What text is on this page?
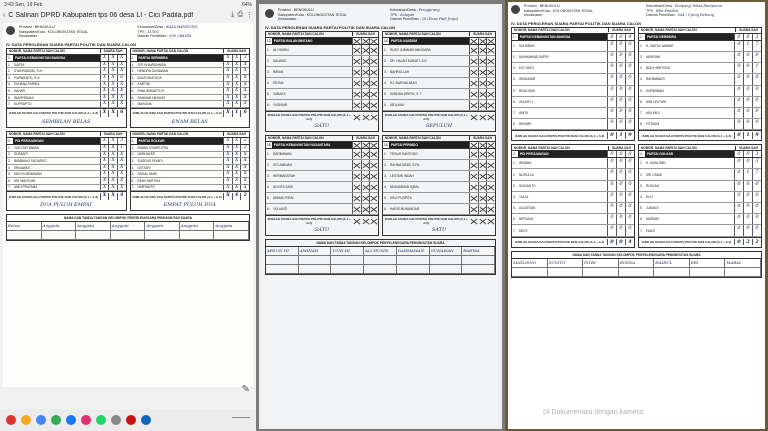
3:43 Sen, 19 Feb	64%
‹ C Salinan DPRD Kabupaten tps 06 desa LI - Cici Padila.pdf	⤓ ⎙ ⋮
Provinsi : BENGKULU	Kelurahan/Desa : KAYA BANDUNG
Kabupaten/Kota : KOLONGKOTAN TEGAL	TPS : LUNG
Kecamatan :	Daerah Pemilihan : 006 / BANM
IV. DATA PEROLEHAN SUARA PARTAI POLITIK DAN SUARA CALON
NOMOR, NAMA PARTAI DAN CALON	SUARA SAH
1.	PARTAI KEBANGKITAN BANGSA	X	X	X
1.	SARTA	X	X	X
2.	SYAHRUDDIN, S.H.	X	X	X
3.	PURWANTO, S.H.	X	X	6
4.	ZUHANA FARIDA	X	X	X
5.	KAHAR	X	X	X
6.	INARPRIANA	X	X	X
7.	SUPRAPTO	X	X	X
JUMLAH SUARA SAH PARTAI POLITIK DAN CALON (A.1 + A.2) X	X	6
SEMBILAN BELAS
NOMOR, NAMA PARTAI DAN CALON	SUARA SAH
2.	PARTAI GERINDRA	X	X	3
1.	SITI KHAIRUNNISA	X	X	X
2.	HENDRA GUNAWAN	X	X	X
3.	AGUS MUCHLIS	X	X	X
4.	KARTINI	X	X	X
5.	RINA WIDIASTUTI	X	X	X
6.	RAHMAN HIDAYAT	X	X	X
7.	MARLINA	X	X	X
JUMLAH SUARA SAH PARTAI POLITIK DAN CALON (A.1 + A.2) X	1	6
ENAM BELAS
NOMOR, NAMA PARTAI DAN CALON	SUARA SAH
3.	PDI PERJUANGAN	X	X	3
1.	YUDI SETIAWAN	X	X	1
2.	SUSANTI	X	X	X
3.	BAMBANG SUDARSO	X	X	X
4.	ERNAWATI	X	X	X
5.	DEDI KURNIAWAN	X	X	X
6.	SRI WAHYUNI	X	X	X
7.	ANDI PRATAMA	X	X	X
JUMLAH SUARA SAH PARTAI POLITIK DAN CALON (A.1 + A.2) X	X	4
DUA PULUH EMPAT
NOMOR, NAMA PARTAI DAN CALON	SUARA SAH
4.	PARTAI GOLKAR	X	X	3
1.	IRWAN SYAHPUTRA	X	X	2
2.	NURHAYATI	X	X	X
3.	SUGENG RIYADI	X	X	X
4.	LESTARI	X	X	X
5.	FAISAL AMRI	X	X	X
6.	DEWI SARTIKA	X	X	X
7.	HARYANTO	X	X	X
JUMLAH SUARA SAH PARTAI POLITIK DAN CALON (A.1 + A.2) X	4	2
EMPAT PULUH DUA
NAMA DAN TANDA TANGAN KELOMPOK PENYELENGGARA PEMUNGUTAN SUARA
Ketua	Anggota	Anggota	Anggota	Anggota	Anggota	Anggota
✎
Provinsi : BENGKULU	Kelurahan/Desa : Penggirong
Kabupaten/Kota : KOLONGKOTAN TEGAL	TPS : Selayan
Kecamatan :	Daerah Pemilihan : 29 (Desa Padi Jirgu)
IV. DATA PEROLEHAN SUARA PARTAI POLITIK DAN SUARA CALON
NOMOR, NAMA PARTAI DAN CALON	SUARA SAH
13. PARTAI BULAN BINTANG
1.	ALI HUSIN
2.	SALWATI
3.	IMRAN
4.	RATNA
5.	JUNAIDI
6.	YUSNIAR
JUMLAH SUARA SAH PARTAI POLITIK DAN CALON (A.1 + A.2)
SATU
NOMOR, NAMA PARTAI DAN CALON	SUARA SAH
14. PARTAI NASDEM
1.	RUDY JUMANDI ANGGARA
2.	DR. HAJAH KASIATI, S.E.
3.	BAHRULLAH
4.	HJ. NURHALIMAH
5.	SUBHAN ARIFIN, S.T.
6.	MELIANA
JUMLAH SUARA SAH PARTAI POLITIK DAN CALON (A.1 + A.2)
SEPULUH
NOMOR, NAMA PARTAI DAN CALON	SUARA SAH
15. PARTAI KEBANGKITAN NUSANTARA
1.	DARMAWAN
2.	SITI AMINAH
3.	HERMANSYAH
4.	NOVITA SARI
5.	AHMAD RIFAI
6.	YULIANTI
JUMLAH SUARA SAH PARTAI POLITIK DAN CALON (A.1 + A.2)
SATU
NOMOR, NAMA PARTAI DAN CALON	SUARA SAH
16. PARTAI PERINDO
1.	TEGUH SANTOSO
2.	RAHMA DEWI, S.Pd.
3.	LESTARI INDAH
4.	MUHAMMAD IQBAL
5.	DEVI PUSPITA
6.	HARIS MUNANDAR
JUMLAH SUARA SAH PARTAI POLITIK DAN CALON (A.1 + A.2)
SATU
NAMA DAN TANDA TANGAN KELOMPOK PENYELENGGARA PEMUNGUTAN SUARA
ARSUN HI	AMINAH	YUNI HI	ALI HUSIN	DARMAWAN	GUNAWAN	RAHMA
Provinsi : BENGKULU	Kelurahan/Desa : Simpang Tebat Ranipuren
Kabupaten/Kota : KOLONGKOTAN TEGAL	TPS : Blat Pandan
Kecamatan :	Daerah Pemilihan : 004 / Ujung Rebong
IV. DATA PEROLEHAN SUARA PARTAI POLITIK DAN SUARA CALON
NOMOR, NAMA PARTAI DAN CALON	SUARA SAH
1.	PARTAI KEBANGKITAN BANGSA	0	0	9
1.	SUHERNO	0	0	0
2.	MUHAMMAD SAFRI	0	0	0
3.	EVI YANTI	0	0	0
4.	ISKANDAR	0	0	0
5.	RINA SARI	0	0	0
6.	ZULKIFLI	0	0	0
7.	ANITA	0	0	0
8.	HENDRI	0	0	0
JUMLAH SUARA SAH PARTAI POLITIK DAN CALON (A.1 + A.2)	0	1	9
NOMOR, NAMA PARTAI DAN CALON	SUARA SAH
2.	PARTAI GERINDRA	0	0	3
1.	H. SAIFUL ANWAR	0	1	7
2.	MARYANI	0	0	0
3.	BUDI HARTONO	0	0	1
4.	RAHMAWATI	0	0	0
5.	SUPARMAN	0	0	0
6.	DWI LESTARI	0	0	0
7.	MULYADI	0	0	0
8.	FITRIANI	0	0	0
JUMLAH SUARA SAH PARTAI POLITIK DAN CALON (A.1 + A.2)	0	1	9
NOMOR, NAMA PARTAI DAN CALON	SUARA SAH
3.	PDI PERJUANGAN	0	0	0
1.	IRAWAN	0	0	0
2.	NURLELA	0	0	0
3.	SUGIANTO	0	0	0
4.	YULIA	0	0	0
5.	AGUSTIAN	0	0	0
6.	HERLINA	0	0	0
7.	DEDY	0	0	0
JUMLAH SUARA SAH PARTAI POLITIK DAN CALON (A.1 + A.2)	0	0	4
NOMOR, NAMA PARTAI DAN CALON	SUARA SAH
4.	PARTAI GOLKAR	0	0	3
1.	H. MUSLIMIN	0	0	3
2.	SRI UTAMI	0	1	7
3.	RUSLAN	0	0	0
4.	ELVI	0	0	0
5.	JUNAIDI	0	0	0
6.	MARIAM	0	0	0
7.	FAUZI	0	0	0
JUMLAH SUARA SAH PARTAI POLITIK DAN CALON (A.1 + A.2)	0	2	2
NAMA DAN TANDA TANGAN KELOMPOK PENYELENGGARA PEMUNGUTAN SUARA
MATLISNO	SUGITO	FITRI	ROSNA	HAIRUL	ERI	MARIA
Di Dokumentasi dengan kamera
